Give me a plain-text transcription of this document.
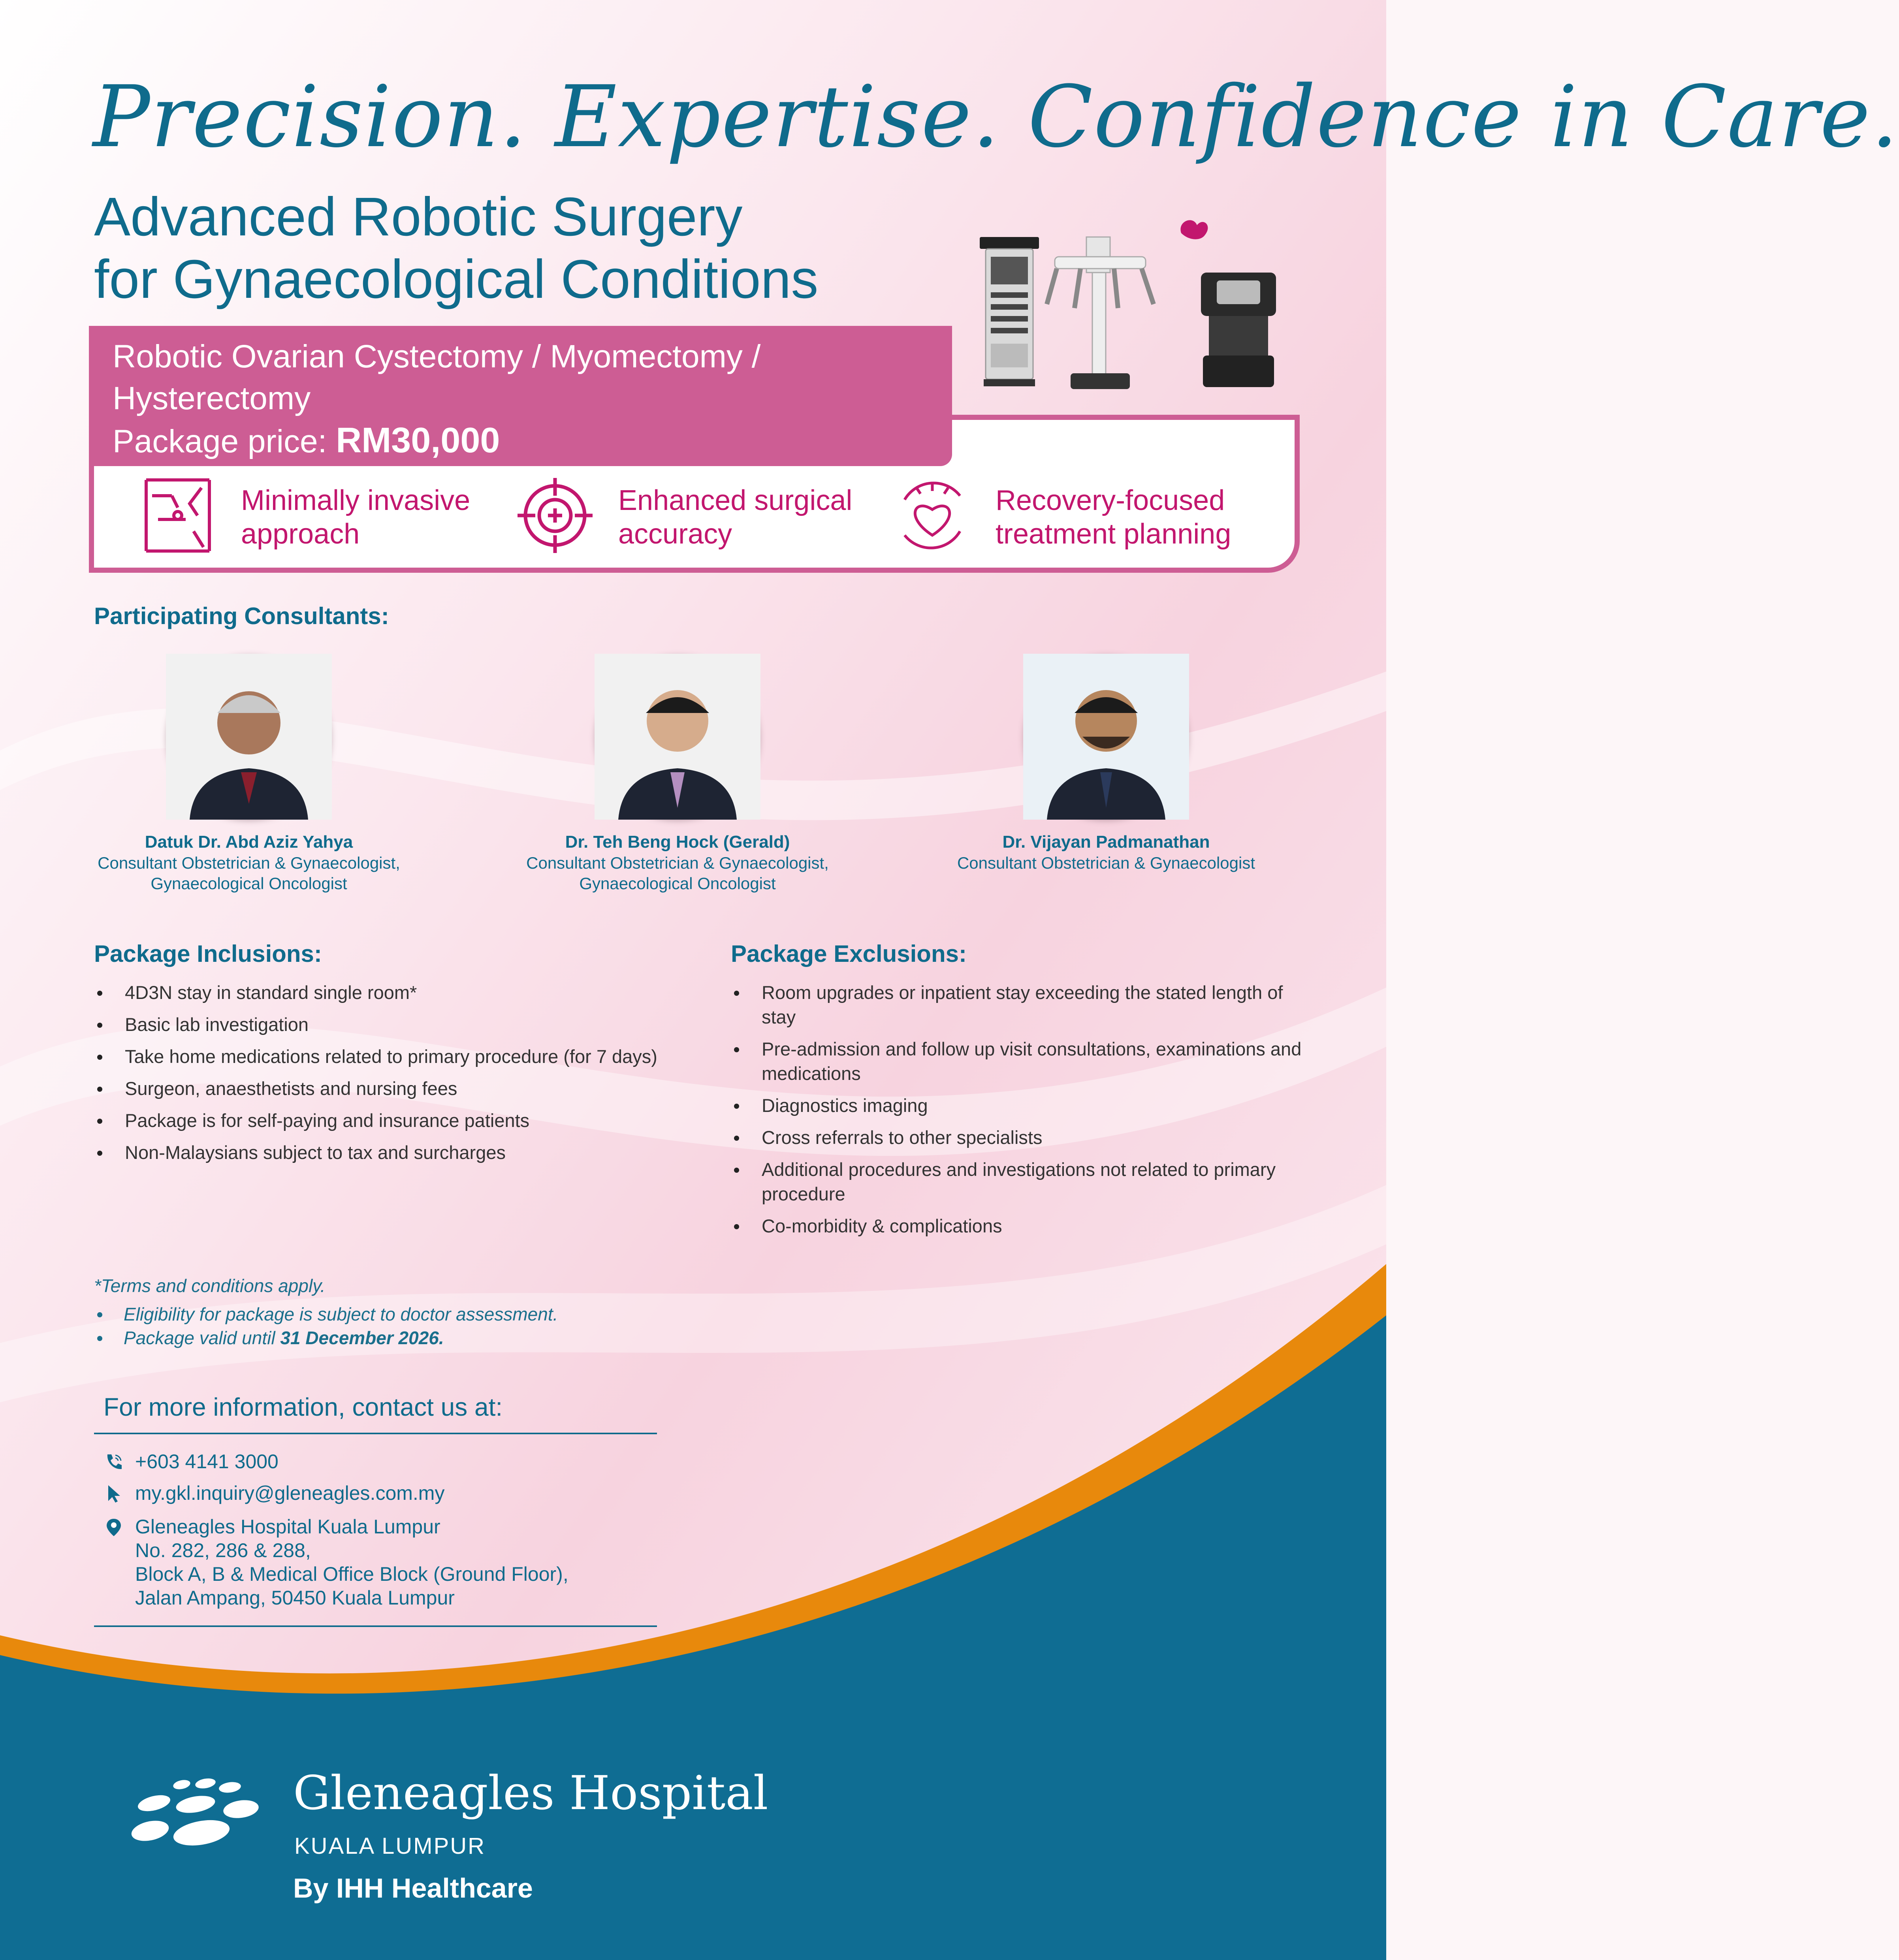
Precision. Expertise. Confidence in Care.
Advanced Robotic Surgery
for Gynaecological Conditions
Robotic Ovarian Cystectomy / Myomectomy /
Hysterectomy
Package price: RM30,000
Minimally invasive
approach
Enhanced surgical
accuracy
Recovery-focused
treatment planning
Participating Consultants:
Datuk Dr. Abd Aziz Yahya
Consultant Obstetrician & Gynaecologist,
Gynaecological Oncologist
Dr. Teh Beng Hock (Gerald)
Consultant Obstetrician & Gynaecologist,
Gynaecological Oncologist
Dr. Vijayan Padmanathan
Consultant Obstetrician & Gynaecologist
Package Inclusions:
4D3N stay in standard single room*
Basic lab investigation
Take home medications related to primary procedure (for 7 days)
Surgeon, anaesthetists and nursing fees
Package is for self-paying and insurance patients
Non-Malaysians subject to tax and surcharges
Package Exclusions:
Room upgrades or inpatient stay exceeding the stated length of stay
Pre-admission and follow up visit consultations, examinations and medications
Diagnostics imaging
Cross referrals to other specialists
Additional procedures and investigations not related to primary procedure
Co-morbidity & complications
*Terms and conditions apply.
Eligibility for package is subject to doctor assessment.
Package valid until 31 December 2026.
For more information, contact us at:
+603 4141 3000
my.gkl.inquiry@gleneagles.com.my
Gleneagles Hospital Kuala Lumpur
No. 282, 286 & 288,
Block A, B & Medical Office Block (Ground Floor),
Jalan Ampang, 50450 Kuala Lumpur
Gleneagles Hospital
KUALA LUMPUR
By IHH Healthcare
